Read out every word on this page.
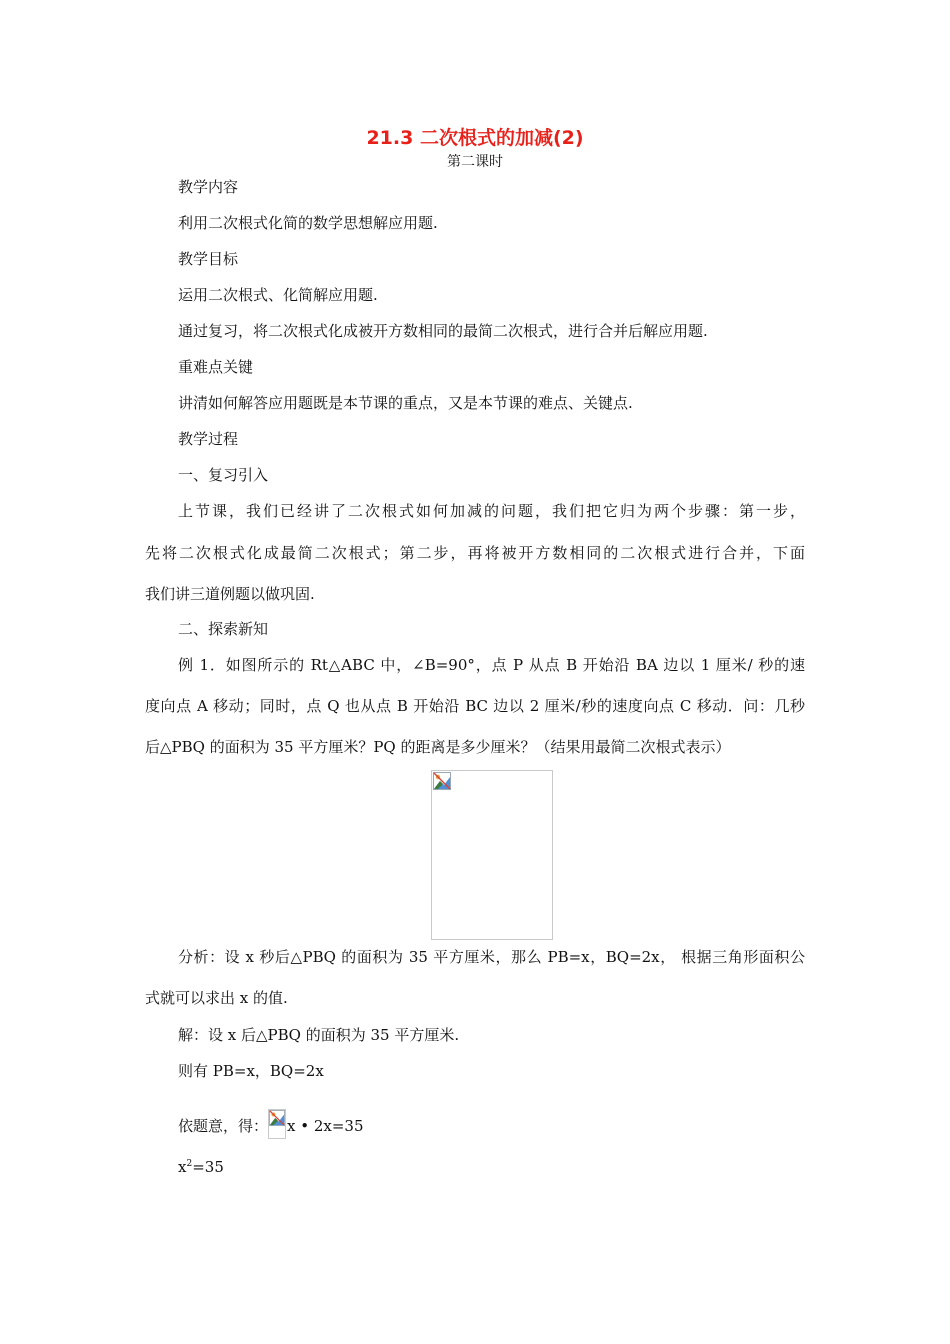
21.3 二次根式的加减(2)
第二课时
教学内容
利用二次根式化简的数学思想解应用题.
教学目标
运用二次根式、化简解应用题.
通过复习，将二次根式化成被开方数相同的最简二次根式，进行合并后解应用题.
重难点关键
讲清如何解答应用题既是本节课的重点，又是本节课的难点、关键点.
教学过程
一、复习引入
上节课，我们已经讲了二次根式如何加减的问题，我们把它归为两个步骤：第一步，
先将二次根式化成最简二次根式；第二步，再将被开方数相同的二次根式进行合并，下面
我们讲三道例题以做巩固.
二、探索新知
例 1．如图所示的 Rt△ABC 中，∠B=90°，点 P 从点 B 开始沿 BA 边以 1 厘米/ 秒的速
度向点 A 移动；同时，点 Q 也从点 B 开始沿 BC 边以 2 厘米/秒的速度向点 C 移动．问：几秒
后△PBQ 的面积为 35 平方厘米？PQ 的距离是多少厘米？（结果用最简二次根式表示）
分析：设 x 秒后△PBQ 的面积为 35 平方厘米，那么 PB=x，BQ=2x， 根据三角形面积公
式就可以求出 x 的值.
解：设 x 后△PBQ 的面积为 35 平方厘米.
则有 PB=x，BQ=2x
依题意，得： x • 2x=35
$x^2=35$
